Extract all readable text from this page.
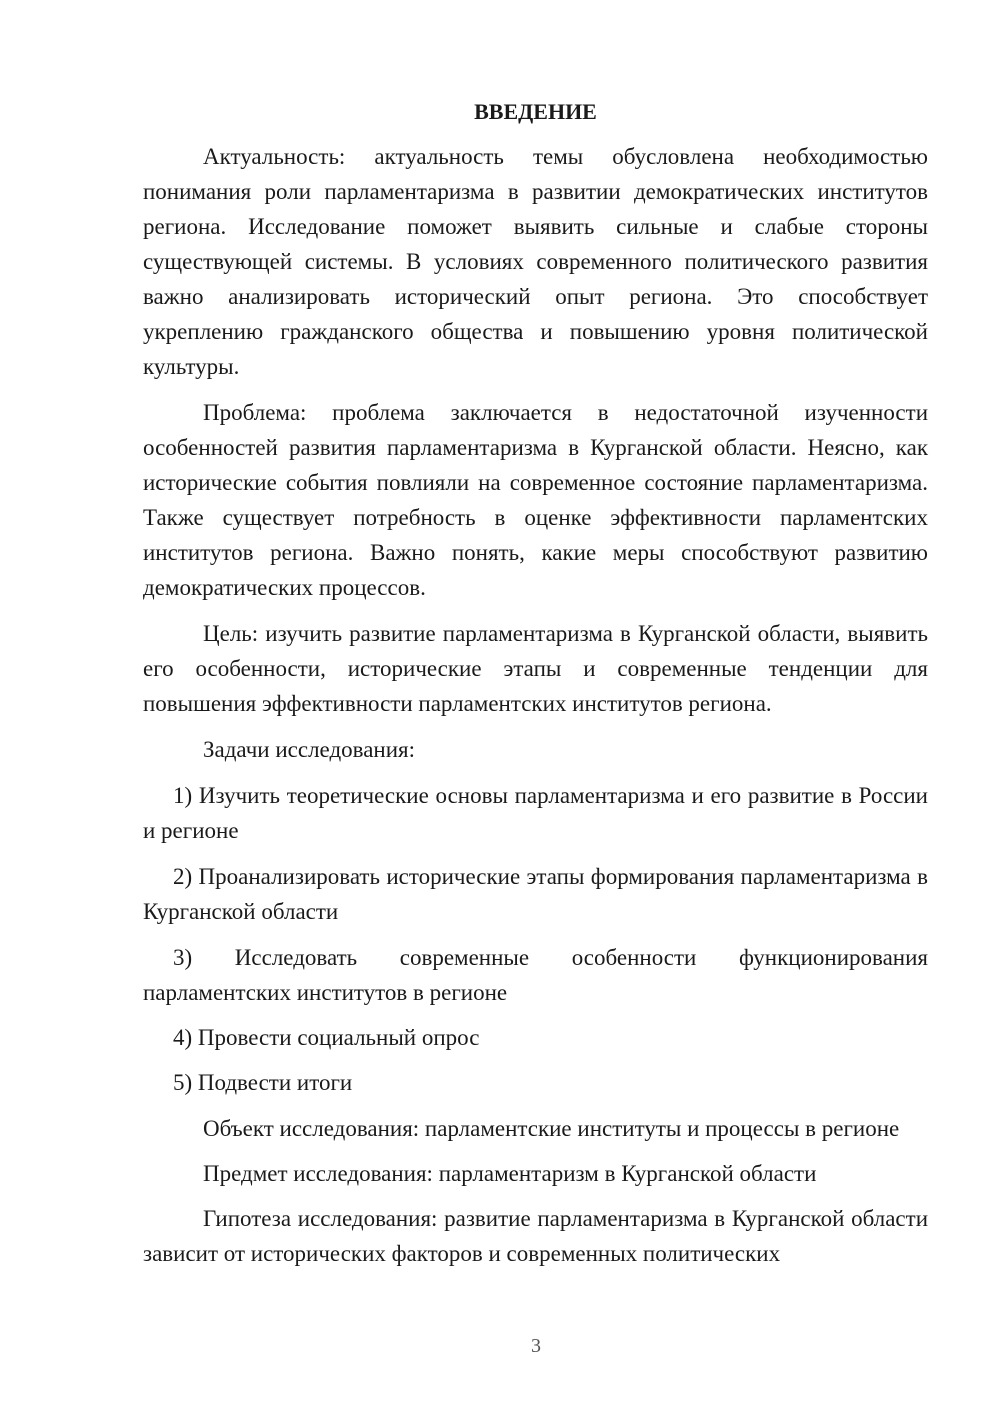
ВВЕДЕНИЕ

Актуальность: актуальность темы обусловлена необходимостью понимания роли парламентаризма в развитии демократических институтов региона. Исследование поможет выявить сильные и слабые стороны существующей системы. В условиях современного политического развития важно анализировать исторический опыт региона. Это способствует укреплению гражданского общества и повышению уровня политической культуры.

Проблема: проблема заключается в недостаточной изученности особенностей развития парламентаризма в Курганской области. Неясно, как исторические события повлияли на современное состояние парламентаризма. Также существует потребность в оценке эффективности парламентских институтов региона. Важно понять, какие меры способствуют развитию демократических процессов.

Цель: изучить развитие парламентаризма в Курганской области, выявить его особенности, исторические этапы и современные тенденции для повышения эффективности парламентских институтов региона.

Задачи исследования:

1) Изучить теоретические основы парламентаризма и его развитие в России и регионе

2) Проанализировать исторические этапы формирования парламентаризма в Курганской области

3) Исследовать современные особенности функционирования парламентских институтов в регионе

4) Провести социальный опрос

5) Подвести итоги

Объект исследования: парламентские институты и процессы в регионе

Предмет исследования: парламентаризм в Курганской области

Гипотеза исследования: развитие парламентаризма в Курганской области зависит от исторических факторов и современных политических

3
